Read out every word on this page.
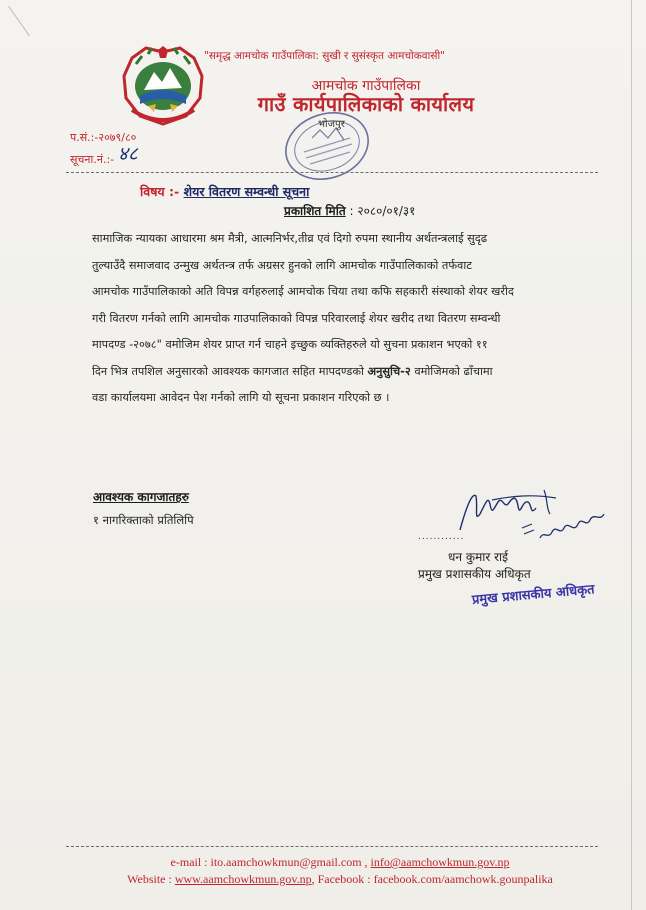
"समृद्ध आमचोक गाउँपालिका: सुखी र सुसंस्कृत आमचोकवासी"
आमचोक गाउँपालिका
गाउँ कार्यपालिकाको कार्यालय
भोजपुर
प.सं.:-२०७९/८०
सूचना.नं.:- ४८
विषय :- शेयर वितरण सम्वन्धी सूचना
प्रकाशित मिति : २०८०/०१/३१
सामाजिक न्यायका आधारमा श्रम मैत्री, आत्मनिर्भर,तीव्र एवं दिगो रुपमा स्थानीय अर्थतन्त्रलाई सुदृढ
तुल्याउँदै समाजवाद उन्मुख अर्थतन्त्र तर्फ अग्रसर हुनको लागि आमचोक गाउँपालिकाको तर्फवाट
आमचोक गाउँपालिकाको अति विपन्न वर्गहरुलाई आमचोक चिया तथा कफि सहकारी संस्थाको शेयर खरीद
गरी वितरण गर्नको लागि आमचोक गाउपालिकाको विपन्न परिवारलाई शेयर खरीद तथा वितरण सम्वन्धी
मापदण्ड -२०७८" वमोजिम शेयर प्राप्त गर्न चाहने इच्छुक व्यक्तिहरुले यो सुचना प्रकाशन भएको ११
दिन भित्र तपशिल अनुसारको आवश्यक कागजात सहित मापदण्डको अनुसुचि-२ वमोजिमको ढाँचामा
वडा कार्यालयमा आवेदन पेश गर्नको लागि यो सूचना प्रकाशन गरिएको छ ।
आवश्यक कागजातहरु
१ नागरिक्ताको प्रतिलिपि
............
धन कुमार राई
प्रमुख प्रशासकीय अधिकृत
प्रमुख प्रशासकीय अधिकृत
e-mail : ito.aamchowkmun@gmail.com , info@aamchowkmun.gov.np
Website : www.aamchowkmun.gov.np, Facebook : facebook.com/aamchowk.gounpalika
